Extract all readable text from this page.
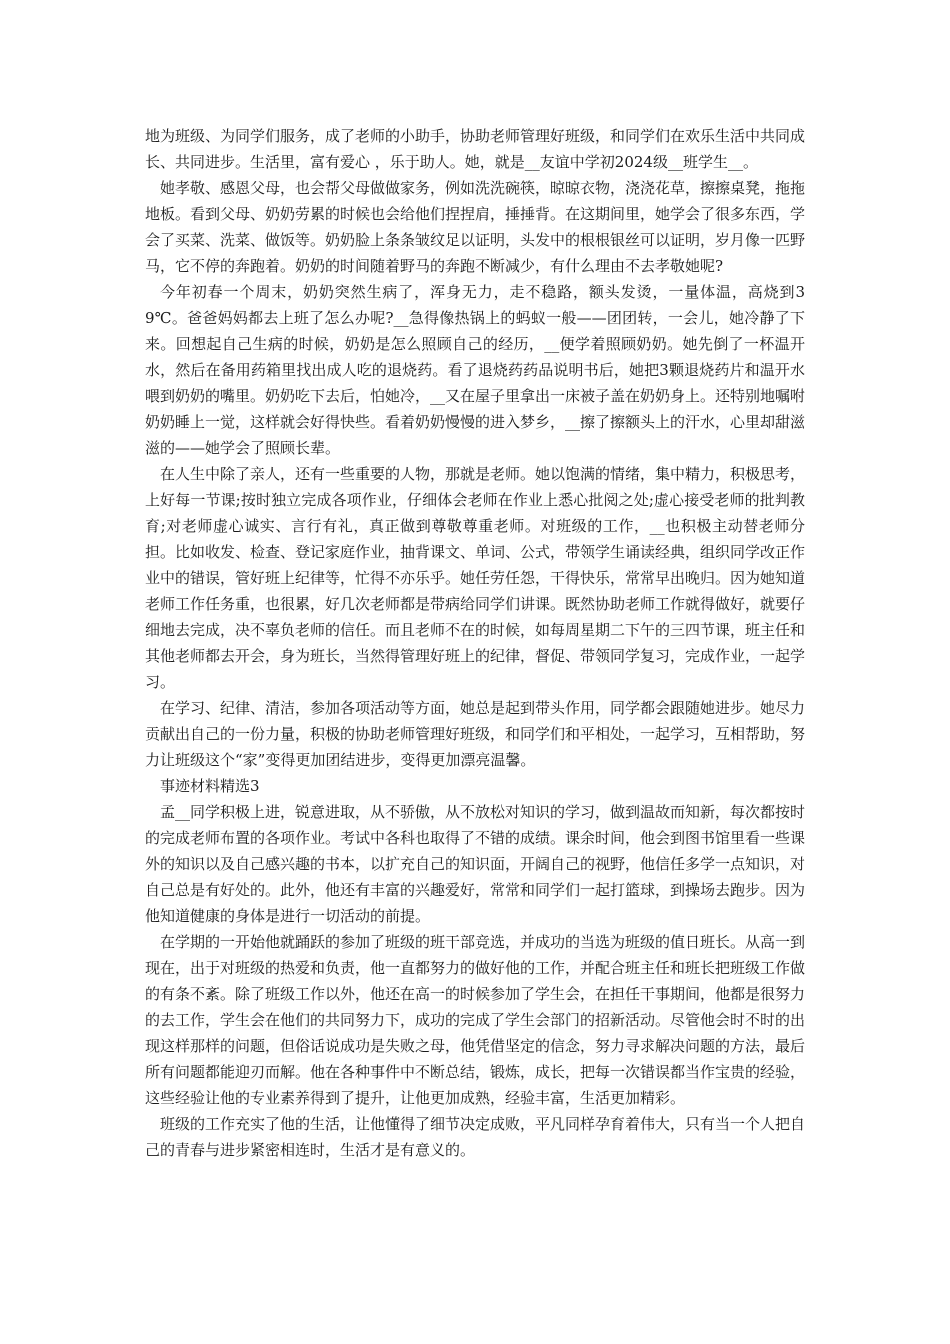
地为班级、为同学们服务，成了老师的小助手，协助老师管理好班级，和同学们在欢乐生活中共同成长、共同进步。生活里，富有爱心 ，乐于助人。她，就是__友谊中学初2024级__班学生__。

她孝敬、感恩父母，也会帮父母做做家务，例如洗洗碗筷，晾晾衣物，浇浇花草，擦擦桌凳，拖拖地板。看到父母、奶奶劳累的时候也会给他们捏捏肩，捶捶背。在这期间里，她学会了很多东西，学会了买菜、洗菜、做饭等。奶奶脸上条条皱纹足以证明，头发中的根根银丝可以证明，岁月像一匹野马，它不停的奔跑着。奶奶的时间随着野马的奔跑不断减少，有什么理由不去孝敬她呢?

今年初春一个周末，奶奶突然生病了，浑身无力，走不稳路，额头发烫，一量体温，高烧到39℃。爸爸妈妈都去上班了怎么办呢?__急得像热锅上的蚂蚁一般——团团转，一会儿，她冷静了下来。回想起自己生病的时候，奶奶是怎么照顾自己的经历，__便学着照顾奶奶。她先倒了一杯温开水，然后在备用药箱里找出成人吃的退烧药。看了退烧药药品说明书后，她把3颗退烧药片和温开水喂到奶奶的嘴里。奶奶吃下去后，怕她冷，__又在屋子里拿出一床被子盖在奶奶身上。还特别地嘱咐奶奶睡上一觉，这样就会好得快些。看着奶奶慢慢的进入梦乡，__擦了擦额头上的汗水，心里却甜滋滋的——她学会了照顾长辈。

在人生中除了亲人，还有一些重要的人物，那就是老师。她以饱满的情绪，集中精力，积极思考，上好每一节课;按时独立完成各项作业，仔细体会老师在作业上悉心批阅之处;虚心接受老师的批判教育;对老师虚心诚实、言行有礼，真正做到尊敬尊重老师。对班级的工作，__也积极主动替老师分担。比如收发、检查、登记家庭作业，抽背课文、单词、公式，带领学生诵读经典，组织同学改正作业中的错误，管好班上纪律等，忙得不亦乐乎。她任劳任怨，干得快乐，常常早出晚归。因为她知道老师工作任务重，也很累，好几次老师都是带病给同学们讲课。既然协助老师工作就得做好，就要仔细地去完成，决不辜负老师的信任。而且老师不在的时候，如每周星期二下午的三四节课，班主任和其他老师都去开会，身为班长，当然得管理好班上的纪律，督促、带领同学复习，完成作业，一起学习。

在学习、纪律、清洁，参加各项活动等方面，她总是起到带头作用，同学都会跟随她进步。她尽力贡献出自己的一份力量，积极的协助老师管理好班级，和同学们和平相处，一起学习，互相帮助，努力让班级这个“家”变得更加团结进步，变得更加漂亮温馨。

事迹材料精选3

孟__同学积极上进，锐意进取，从不骄傲，从不放松对知识的学习，做到温故而知新，每次都按时的完成老师布置的各项作业。考试中各科也取得了不错的成绩。课余时间，他会到图书馆里看一些课外的知识以及自己感兴趣的书本，以扩充自己的知识面，开阔自己的视野，他信任多学一点知识，对自己总是有好处的。此外，他还有丰富的兴趣爱好，常常和同学们一起打篮球，到操场去跑步。因为他知道健康的身体是进行一切活动的前提。

在学期的一开始他就踊跃的参加了班级的班干部竞选，并成功的当选为班级的值日班长。从高一到现在，出于对班级的热爱和负责，他一直都努力的做好他的工作，并配合班主任和班长把班级工作做的有条不紊。除了班级工作以外，他还在高一的时候参加了学生会，在担任干事期间，他都是很努力的去工作，学生会在他们的共同努力下，成功的完成了学生会部门的招新活动。尽管他会时不时的出现这样那样的问题，但俗话说成功是失败之母，他凭借坚定的信念，努力寻求解决问题的方法，最后所有问题都能迎刃而解。他在各种事件中不断总结，锻炼，成长，把每一次错误都当作宝贵的经验，这些经验让他的专业素养得到了提升，让他更加成熟，经验丰富，生活更加精彩。

班级的工作充实了他的生活，让他懂得了细节决定成败，平凡同样孕育着伟大，只有当一个人把自己的青春与进步紧密相连时，生活才是有意义的。
